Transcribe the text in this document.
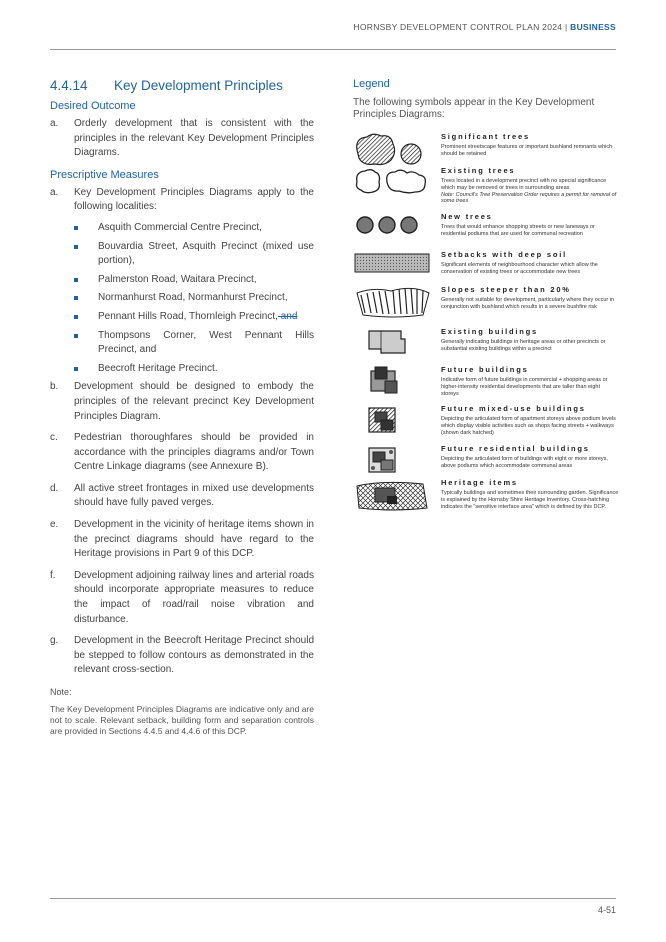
HORNSBY DEVELOPMENT CONTROL PLAN 2024 | BUSINESS
4.4.14 Key Development Principles
Desired Outcome
a. Orderly development that is consistent with the principles in the relevant Key Development Principles Diagrams.
Prescriptive Measures
a. Key Development Principles Diagrams apply to the following localities:
Asquith Commercial Centre Precinct,
Bouvardia Street, Asquith Precinct (mixed use portion),
Palmerston Road, Waitara Precinct,
Normanhurst Road, Normanhurst Precinct,
Pennant Hills Road, Thornleigh Precinct, and
Thompsons Corner, West Pennant Hills Precinct, and
Beecroft Heritage Precinct.
b. Development should be designed to embody the principles of the relevant precinct Key Development Principles Diagram.
c. Pedestrian thoroughfares should be provided in accordance with the principles diagrams and/or Town Centre Linkage diagrams (see Annexure B).
d. All active street frontages in mixed use developments should have fully paved verges.
e. Development in the vicinity of heritage items shown in the precinct diagrams should have regard to the Heritage provisions in Part 9 of this DCP.
f. Development adjoining railway lines and arterial roads should incorporate appropriate measures to reduce the impact of road/rail noise vibration and disturbance.
g. Development in the Beecroft Heritage Precinct should be stepped to follow contours as demonstrated in the relevant cross-section.
Note:
The Key Development Principles Diagrams are indicative only and are not to scale. Relevant setback, building form and separation controls are provided in Sections 4.4.5 and 4.4.6 of this DCP.
Legend
The following symbols appear in the Key Development Principles Diagrams:
Significant trees
Prominent streetscape features or important bushland remnants which should be retained
Existing trees
Trees located in a development precinct with no special significance which may be removed or trees in surrounding areas
Note: Council's Tree Preservation Order requires a permit for removal of some trees
New trees
Trees that would enhance shopping streets or new laneways or residential podiums that are used for communal recreation
Setbacks with deep soil
Significant elements of neighbourhood character which allow the conservation of existing trees or accommodate new trees
Slopes steeper than 20%
Generally not suitable for development, particularly where they occur in conjunction with bushland which results in a severe bushfire risk
Existing buildings
Generally indicating buildings in heritage areas or other precincts or substantial existing buildings within a precinct
Future buildings
Indicative form of future buildings in commercial + shopping areas or higher-intensity residential developments that are taller than eight storeys
Future mixed-use buildings
Depicting the articulated form of apartment storeys above podium levels which display visible activities such as shops facing streets + walkways (shown dark hatched)
Future residential buildings
Depicting the articulated form of buildings with eight or more storeys, above podiums which accommodate communal areas
Heritage items
Typically buildings and sometimes their surrounding garden. Significance is explained by the Hornsby Shire Heritage Inventory. Cross-hatching indicates the "sensitive interface area" which is defined by this DCP.
4-51
